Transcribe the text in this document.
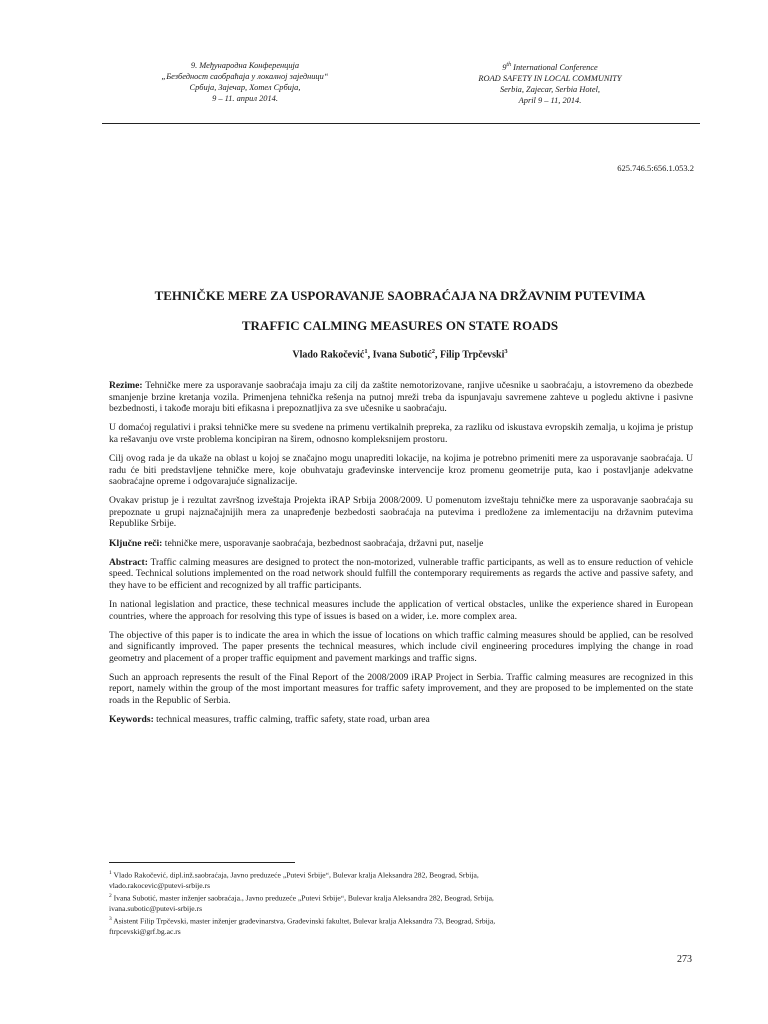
9. Међународна Конференција
„Безбедност саобраћаја у локалној заједници“
Србија, Зајечар, Хотел Србија,
9 – 11. април 2014.
9th International Conference
ROAD SAFETY IN LOCAL COMMUNITY
Serbia, Zajecar, Serbia Hotel,
April 9 – 11, 2014.
625.746.5:656.1.053.2
TEHNIČKE MERE ZA USPORAVANJE SAOBRAĆAJA NA DRŽAVNIM PUTEVIMA
TRAFFIC CALMING MEASURES ON STATE ROADS
Vlado Rakočević$^1$, Ivana Subotić$^2$, Filip Trpčevski$^3$

Rezime: Tehničke mere za usporavanje saobraćaja imaju za cilj da zaštite nemotorizovane, ranjive učesnike u saobraćaju, a istovremeno da obezbede smanjenje brzine kretanja vozila. Primenjena tehnička rešenja na putnoj mreži treba da ispunjavaju savremene zahteve u pogledu aktivne i pasivne bezbednosti, i takođe moraju biti efikasna i prepoznatljiva za sve učesnike u saobraćaju.

U domaćoj regulativi i praksi tehničke mere su svedene na primenu vertikalnih prepreka, za razliku od iskustava evropskih zemalja, u kojima je pristup ka rešavanju ove vrste problema koncipiran na širem, odnosno kompleksnijem prostoru.

Cilj ovog rada je da ukaže na oblast u kojoj se značajno mogu unaprediti lokacije, na kojima je potrebno primeniti mere za usporavanje saobraćaja. U radu će biti predstavljene tehničke mere, koje obuhvataju građevinske intervencije kroz promenu geometrije puta, kao i postavljanje adekvatne saobraćajne opreme i odgovarajuće signalizacije.

Ovakav pristup je i rezultat završnog izveštaja Projekta iRAP Srbija 2008/2009. U pomenutom izveštaju tehničke mere za usporavanje saobraćaja su prepoznate u grupi najznačajnijih mera za unapređenje bezbedosti saobraćaja na putevima i predložene za imlementaciju na državnim putevima Republike Srbije.

Ključne reči: tehničke mere, usporavanje saobraćaja, bezbednost saobraćaja, državni put, naselje

Abstract: Traffic calming measures are designed to protect the non-motorized, vulnerable traffic participants, as well as to ensure reduction of vehicle speed. Technical solutions implemented on the road network should fulfill the contemporary requirements as regards the active and passive safety, and they have to be efficient and recognized by all traffic participants.

In national legislation and practice, these technical measures include the application of vertical obstacles, unlike the experience shared in European countries, where the approach for resolving this type of issues is based on a wider, i.e. more complex area.

The objective of this paper is to indicate the area in which the issue of locations on which traffic calming measures should be applied, can be resolved and significantly improved. The paper presents the technical measures, which include civil engineering procedures implying the change in road geometry and placement of a proper traffic equipment and pavement markings and traffic signs.

Such an approach represents the result of the Final Report of the 2008/2009 iRAP Project in Serbia. Traffic calming measures are recognized in this report, namely within the group of the most important measures for traffic safety improvement, and they are proposed to be implemented on the state roads in the Republic of Serbia.

Keywords: technical measures, traffic calming, traffic safety, state road, urban area

$^1$ Vlado Rakočević, dipl.inž.saobraćaja, Javno preduzeće „Putevi Srbije“, Bulevar kralja Aleksandra 282, Beograd, Srbija,
vlado.rakocevic@putevi-srbije.rs
$^2$ Ivana Subotić, master inženjer saobraćaja., Javno preduzeće „Putevi Srbije“, Bulevar kralja Aleksandra 282, Beograd, Srbija,
ivana.subotic@putevi-srbije.rs
$^3$ Asistent Filip Trpčevski, master inženjer građevinarstva, Građevinski fakultet, Bulevar kralja Aleksandra 73, Beograd, Srbija,
ftrpcevski@grf.bg.ac.rs
273
